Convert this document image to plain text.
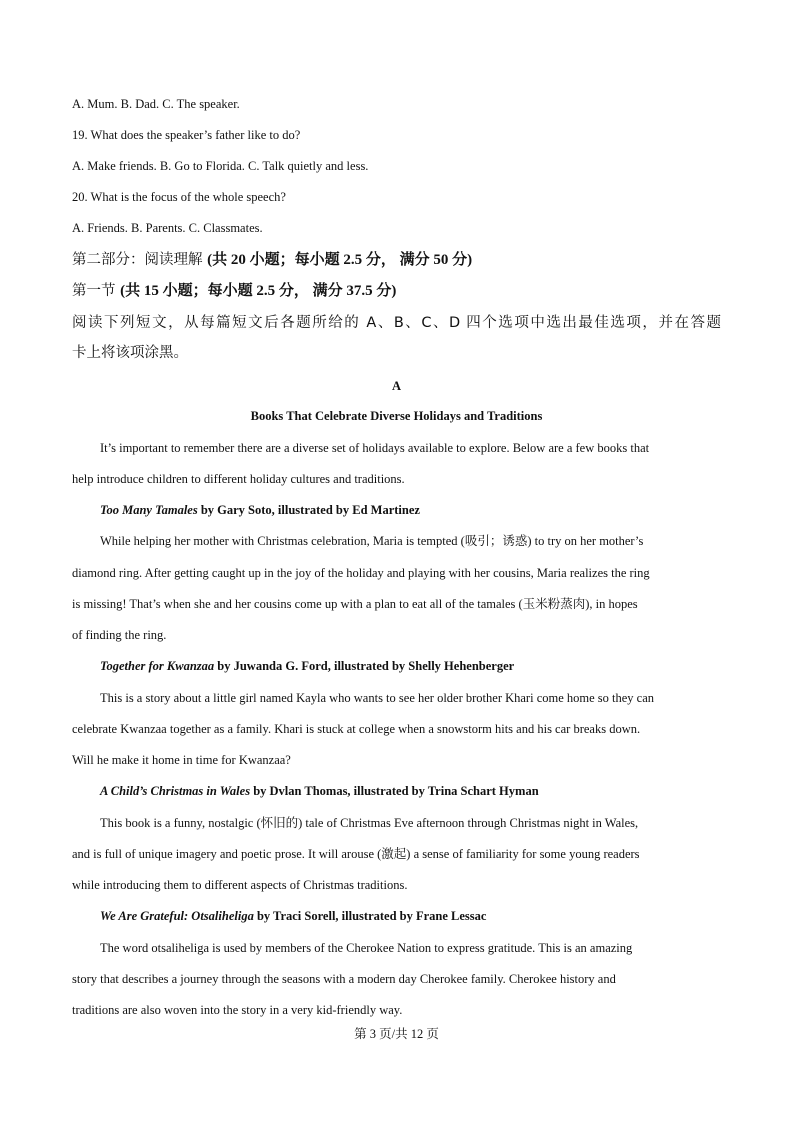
A. Mum. B. Dad. C. The speaker.
19. What does the speaker’s father like to do?
A. Make friends. B. Go to Florida. C. Talk quietly and less.
20. What is the focus of the whole speech?
A. Friends. B. Parents. C. Classmates.
第二部分：阅读理解 (共 20 小题；每小题 2.5 分， 满分 50 分)
第一节 (共 15 小题；每小题 2.5 分， 满分 37.5 分)
阅读下列短文，从每篇短文后各题所给的 A、B、C、D 四个选项中选出最佳选项，并在答题
卡上将该项涂黑。
A
Books That Celebrate Diverse Holidays and Traditions
It’s important to remember there are a diverse set of holidays available to explore. Below are a few books that
help introduce children to different holiday cultures and traditions.
Too Many Tamales by Gary Soto, illustrated by Ed Martinez
While helping her mother with Christmas celebration, Maria is tempted (吸引；诱惑) to try on her mother’s
diamond ring. After getting caught up in the joy of the holiday and playing with her cousins, Maria realizes the ring
is missing! That’s when she and her cousins come up with a plan to eat all of the tamales (玉米粉蒸肉), in hopes
of finding the ring.
Together for Kwanzaa by Juwanda G. Ford, illustrated by Shelly Hehenberger
This is a story about a little girl named Kayla who wants to see her older brother Khari come home so they can
celebrate Kwanzaa together as a family. Khari is stuck at college when a snowstorm hits and his car breaks down.
Will he make it home in time for Kwanzaa?
A Child’s Christmas in Wales by Dvlan Thomas, illustrated by Trina Schart Hyman
This book is a funny, nostalgic (怀旧的) tale of Christmas Eve afternoon through Christmas night in Wales,
and is full of unique imagery and poetic prose. It will arouse (激起) a sense of familiarity for some young readers
while introducing them to different aspects of Christmas traditions.
We Are Grateful: Otsaliheliga by Traci Sorell, illustrated by Frane Lessac
The word otsaliheliga is used by members of the Cherokee Nation to express gratitude. This is an amazing
story that describes a journey through the seasons with a modern day Cherokee family. Cherokee history and
traditions are also woven into the story in a very kid-friendly way.
第 3 页/共 12 页
